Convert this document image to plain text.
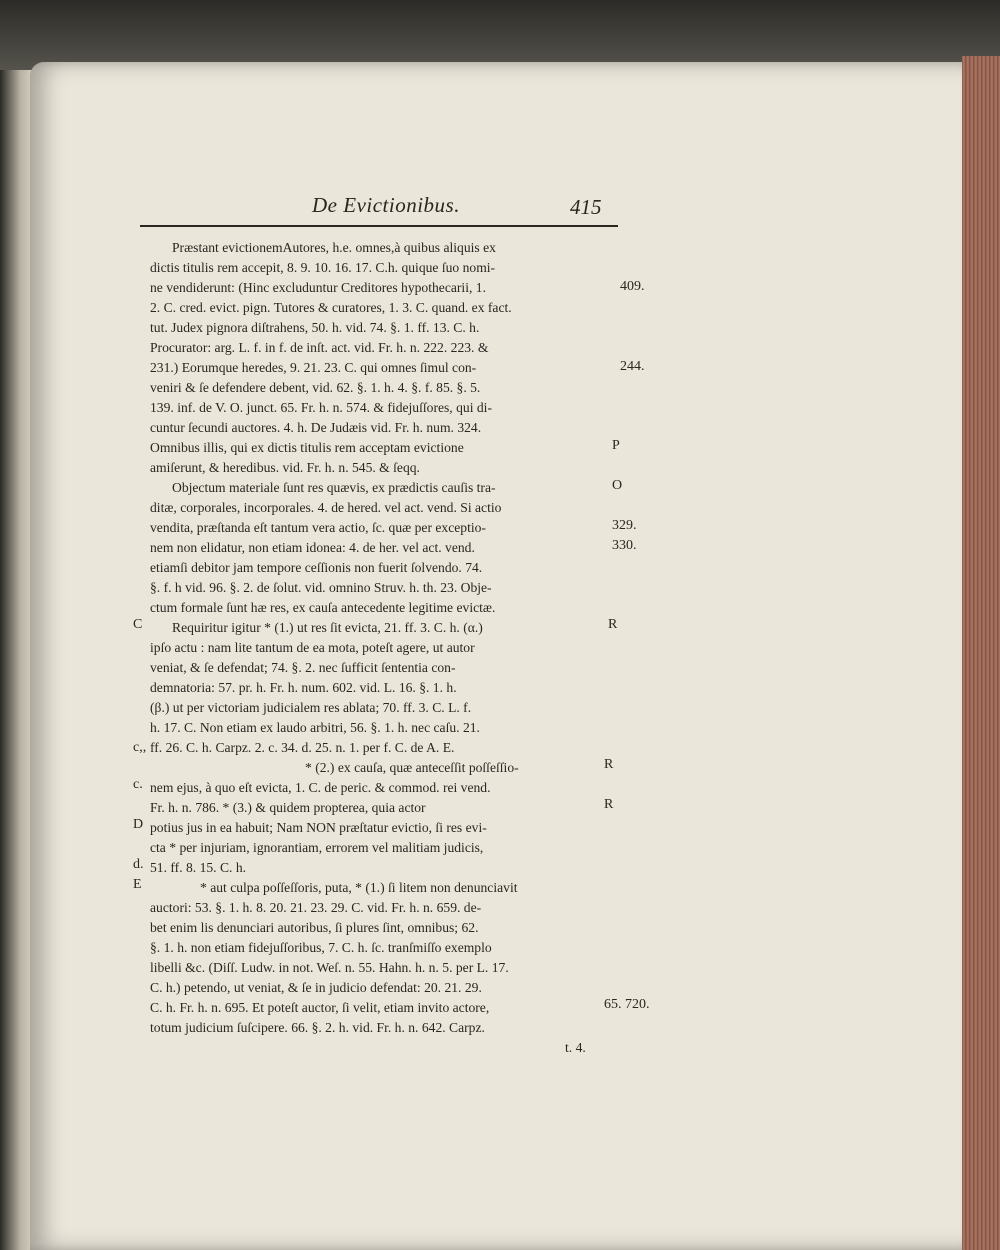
De Evictionibus.	415
Præstant evictionemAutores, h.e. omnes,à quibus aliquis ex
dictis titulis rem accepit, 8. 9. 10. 16. 17. C.h. quique ſuo nomi-
ne vendiderunt: (Hinc excluduntur Creditores hypothecarii, 1.
2. C. cred. evict. pign. Tutores & curatores, 1. 3. C. quand. ex fact.
tut. Judex pignora diſtrahens, 50. h. vid. 74. §. 1. ff. 13. C. h.
Procurator: arg. L. f. in f. de inſt. act. vid. Fr. h. n. 222. 223. &
231.) Eorumque heredes, 9. 21. 23. C. qui omnes ſimul con-
veniri & ſe defendere debent, vid. 62. §. 1. h. 4. §. f. 85. §. 5.
139. inf. de V. O. junct. 65. Fr. h. n. 574. & fidejuſſores, qui di-
cuntur ſecundi auctores. 4. h. De Judæis vid. Fr. h. num. 324.
Omnibus illis, qui ex dictis titulis rem acceptam evictione
amiſerunt, & heredibus. vid. Fr. h. n. 545. & ſeqq.
Objectum materiale ſunt res quævis, ex prædictis cauſis tra-
ditæ, corporales, incorporales. 4. de hered. vel act. vend. Si actio
vendita, præſtanda eſt tantum vera actio, ſc. quæ per exceptio-
nem non elidatur, non etiam idonea: 4. de her. vel act. vend.
etiamſi debitor jam tempore ceſſionis non fuerit ſolvendo. 74.
§. f. h vid. 96. §. 2. de ſolut. vid. omnino Struv. h. th. 23. Obje-
ctum formale ſunt hæ res, ex cauſa antecedente legitime evictæ.
Requiritur igitur * (1.) ut res ſit evicta, 21. ff. 3. C. h. (α.)
ipſo actu : nam lite tantum de ea mota, poteſt agere, ut autor
veniat, & ſe defendat; 74. §. 2. nec ſufficit ſententia con-
demnatoria: 57. pr. h. Fr. h. num. 602. vid. L. 16. §. 1. h.
(β.) ut per victoriam judicialem res ablata; 70. ff. 3. C. L. f.
h. 17. C. Non etiam ex laudo arbitri, 56. §. 1. h. nec caſu. 21.
ff. 26. C. h. Carpz. 2. c. 34. d. 25. n. 1. per f. C. de A. E.
* (2.) ex cauſa, quæ anteceſſit poſſeſſio-
nem ejus, à quo eſt evicta, 1. C. de peric. & commod. rei vend.
Fr. h. n. 786. * (3.) & quidem propterea, quia actor
potius jus in ea habuit; Nam NON præſtatur evictio, ſi res evi-
cta * per injuriam, ignorantiam, errorem vel malitiam judicis,
51. ff. 8. 15. C. h.
* aut culpa poſſeſſoris, puta, * (1.) ſi litem non denunciavit
auctori: 53. §. 1. h. 8. 20. 21. 23. 29. C. vid. Fr. h. n. 659. de-
bet enim lis denunciari autoribus, ſi plures ſint, omnibus; 62.
§. 1. h. non etiam fidejuſſoribus, 7. C. h. ſc. tranſmiſſo exemplo
libelli &c. (Diſſ. Ludw. in not. Weſ. n. 55. Hahn. h. n. 5. per L. 17.
C. h.) petendo, ut veniat, & ſe in judicio defendat: 20. 21. 29.
C. h. Fr. h. n. 695. Et poteſt auctor, ſi velit, etiam invito actore,
totum judicium ſuſcipere. 66. §. 2. h. vid. Fr. h. n. 642. Carpz.
t. 4.
409.
244.
P
O
329.
330.
R
R
R
65. 720.
C
c,,
c.
D
d.
E
